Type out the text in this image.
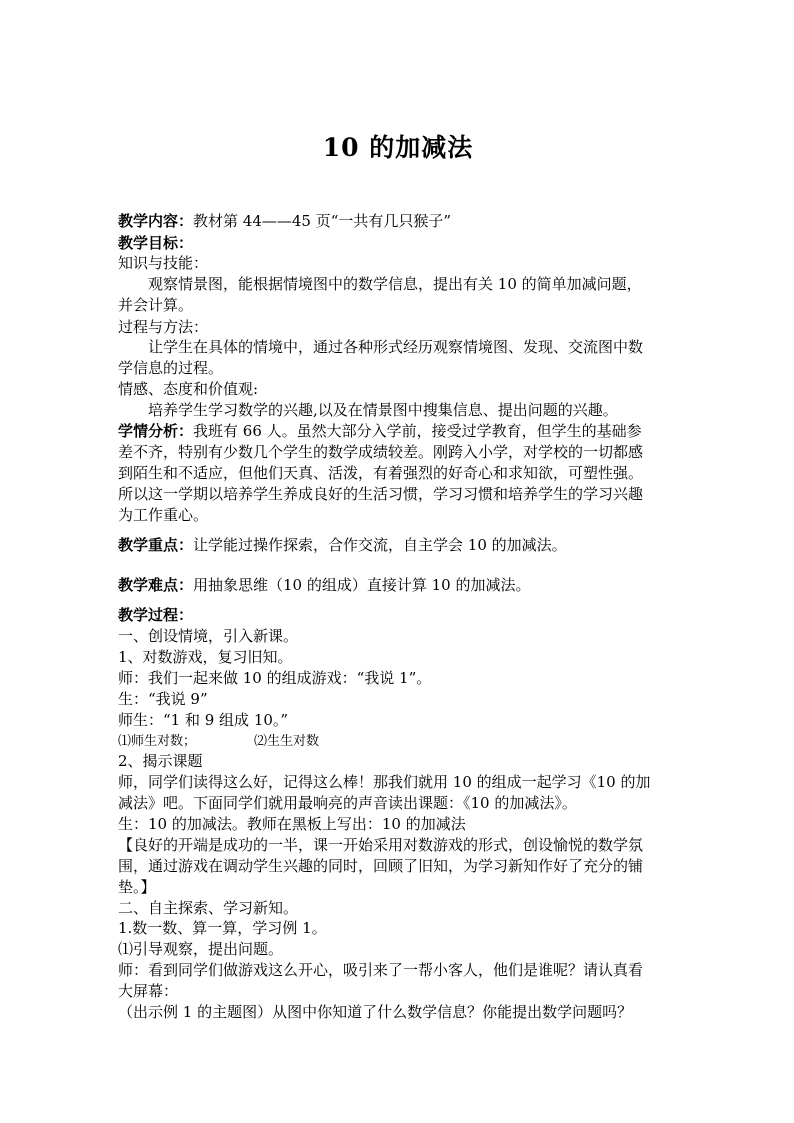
10 的加减法
教学内容：教材第 44——45 页“一共有几只猴子”
教学目标：
知识与技能：
观察情景图，能根据情境图中的数学信息，提出有关 10 的简单加减问题，
并会计算。
过程与方法：
让学生在具体的情境中，通过各种形式经历观察情境图、发现、交流图中数
学信息的过程。
情感、态度和价值观:
培养学生学习数学的兴趣,以及在情景图中搜集信息、提出问题的兴趣。
学情分析：我班有 66 人。虽然大部分入学前，接受过学教育，但学生的基础参
差不齐，特别有少数几个学生的数学成绩较差。刚跨入小学，对学校的一切都感
到陌生和不适应，但他们天真、活泼，有着强烈的好奇心和求知欲，可塑性强。
所以这一学期以培养学生养成良好的生活习惯，学习习惯和培养学生的学习兴趣
为工作重心。
教学重点：让学能过操作探索，合作交流，自主学会 10 的加减法。
教学难点：用抽象思维（10 的组成）直接计算 10 的加减法。
教学过程：
一、创设情境，引入新课。
1、对数游戏，复习旧知。
师：我们一起来做 10 的组成游戏：“我说 1”。
生：“我说 9”
师生：“1 和 9 组成 10。”
⑴师生对数；	⑵生生对数
2、揭示课题
师，同学们读得这么好，记得这么棒！那我们就用 10 的组成一起学习《10 的加
减法》吧。下面同学们就用最响亮的声音读出课题：《10 的加减法》。
生：10 的加减法。教师在黑板上写出：10 的加减法
【良好的开端是成功的一半，课一开始采用对数游戏的形式，创设愉悦的数学氛
围，通过游戏在调动学生兴趣的同时，回顾了旧知，为学习新知作好了充分的铺
垫。】
二、自主探索、学习新知。
1.数一数、算一算，学习例 1。
⑴引导观察，提出问题。
师：看到同学们做游戏这么开心，吸引来了一帮小客人，他们是谁呢？请认真看
大屏幕：
（出示例 1 的主题图）从图中你知道了什么数学信息？你能提出数学问题吗？
